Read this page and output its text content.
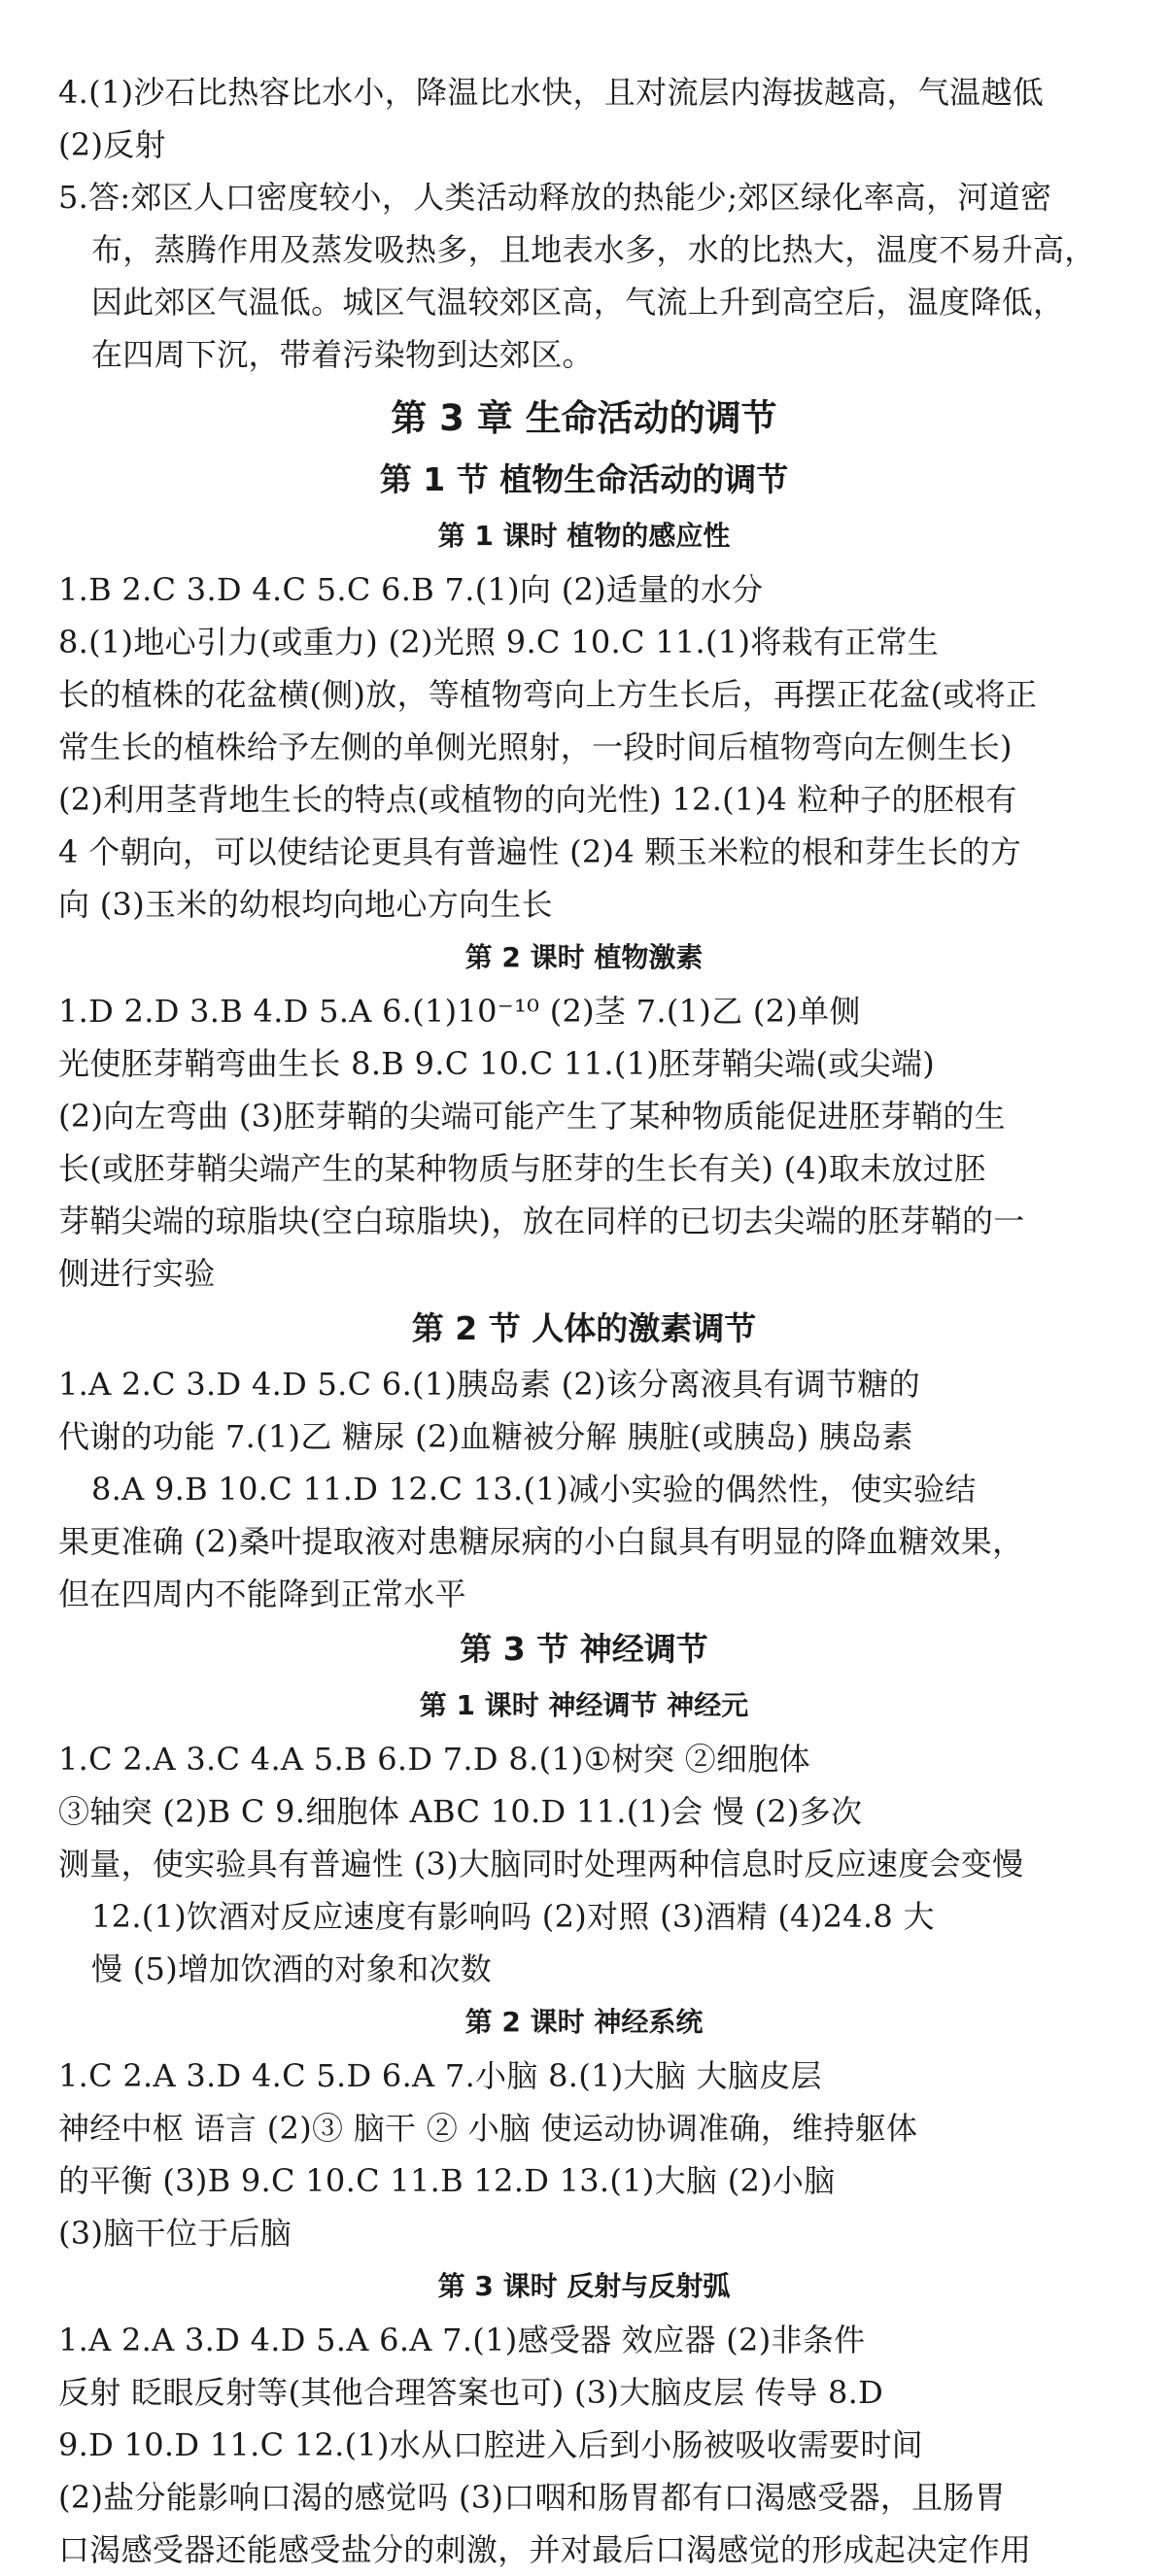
4.(1)沙石比热容比水小，降温比水快，且对流层内海拔越高，气温越低
(2)反射
5.答:郊区人口密度较小，人类活动释放的热能少;郊区绿化率高，河道密
布，蒸腾作用及蒸发吸热多，且地表水多，水的比热大，温度不易升高，
因此郊区气温低。城区气温较郊区高，气流上升到高空后，温度降低，
在四周下沉，带着污染物到达郊区。
第 3 章 生命活动的调节
第 1 节 植物生命活动的调节
第 1 课时 植物的感应性
1.B 2.C 3.D 4.C 5.C 6.B 7.(1)向 (2)适量的水分
8.(1)地心引力(或重力) (2)光照 9.C 10.C 11.(1)将栽有正常生
长的植株的花盆横(侧)放，等植物弯向上方生长后，再摆正花盆(或将正
常生长的植株给予左侧的单侧光照射，一段时间后植物弯向左侧生长)
(2)利用茎背地生长的特点(或植物的向光性) 12.(1)4 粒种子的胚根有
4 个朝向，可以使结论更具有普遍性 (2)4 颗玉米粒的根和芽生长的方
向 (3)玉米的幼根均向地心方向生长
第 2 课时 植物激素
1.D 2.D 3.B 4.D 5.A 6.(1)10⁻¹⁰ (2)茎 7.(1)乙 (2)单侧
光使胚芽鞘弯曲生长 8.B 9.C 10.C 11.(1)胚芽鞘尖端(或尖端)
(2)向左弯曲 (3)胚芽鞘的尖端可能产生了某种物质能促进胚芽鞘的生
长(或胚芽鞘尖端产生的某种物质与胚芽的生长有关) (4)取未放过胚
芽鞘尖端的琼脂块(空白琼脂块)，放在同样的已切去尖端的胚芽鞘的一
侧进行实验
第 2 节 人体的激素调节
1.A 2.C 3.D 4.D 5.C 6.(1)胰岛素 (2)该分离液具有调节糖的
代谢的功能 7.(1)乙 糖尿 (2)血糖被分解 胰脏(或胰岛) 胰岛素
8.A 9.B 10.C 11.D 12.C 13.(1)减小实验的偶然性，使实验结
果更准确 (2)桑叶提取液对患糖尿病的小白鼠具有明显的降血糖效果，
但在四周内不能降到正常水平
第 3 节 神经调节
第 1 课时 神经调节 神经元
1.C 2.A 3.C 4.A 5.B 6.D 7.D 8.(1)①树突 ②细胞体
③轴突 (2)B C 9.细胞体 ABC 10.D 11.(1)会 慢 (2)多次
测量，使实验具有普遍性 (3)大脑同时处理两种信息时反应速度会变慢
12.(1)饮酒对反应速度有影响吗 (2)对照 (3)酒精 (4)24.8 大
慢 (5)增加饮酒的对象和次数
第 2 课时 神经系统
1.C 2.A 3.D 4.C 5.D 6.A 7.小脑 8.(1)大脑 大脑皮层
神经中枢 语言 (2)③ 脑干 ② 小脑 使运动协调准确，维持躯体
的平衡 (3)B 9.C 10.C 11.B 12.D 13.(1)大脑 (2)小脑
(3)脑干位于后脑
第 3 课时 反射与反射弧
1.A 2.A 3.D 4.D 5.A 6.A 7.(1)感受器 效应器 (2)非条件
反射 眨眼反射等(其他合理答案也可) (3)大脑皮层 传导 8.D
9.D 10.D 11.C 12.(1)水从口腔进入后到小肠被吸收需要时间
(2)盐分能影响口渴的感觉吗 (3)口咽和肠胃都有口渴感受器，且肠胃
口渴感受器还能感受盐分的刺激，并对最后口渴感觉的形成起决定作用
